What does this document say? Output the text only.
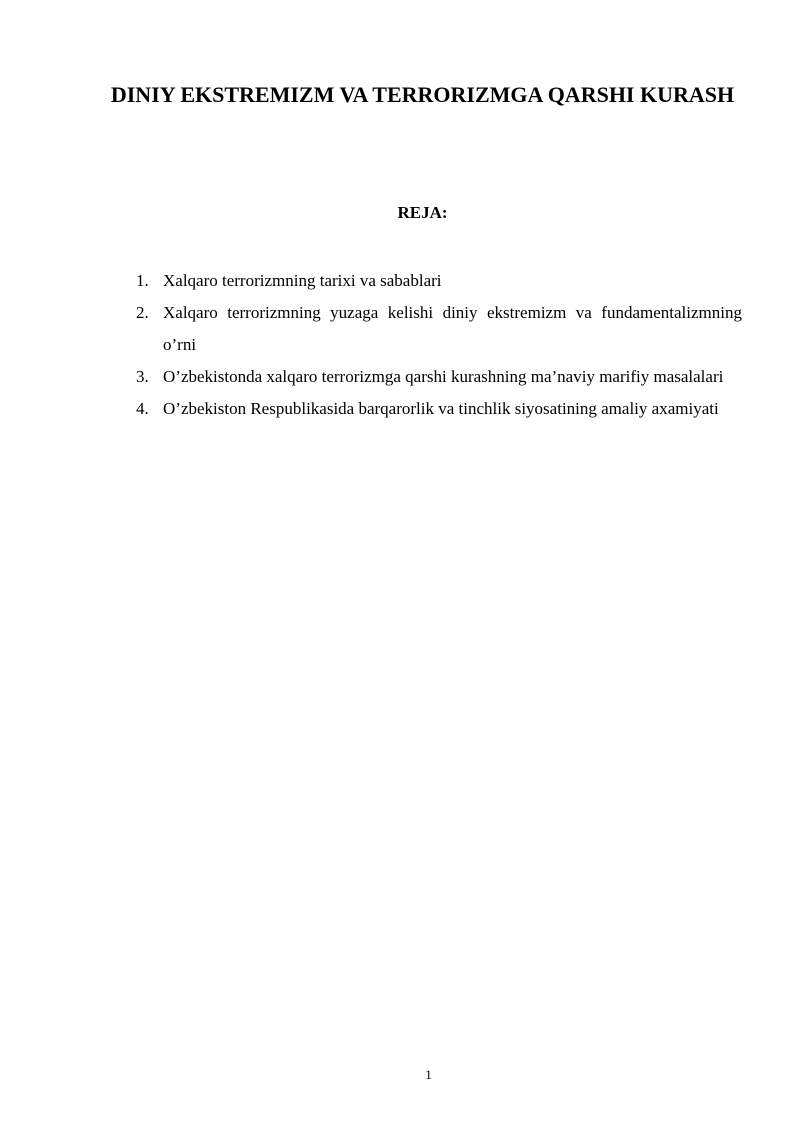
DINIY EKSTREMIZM VA TERRORIZMGA QARSHI KURASH

REJA:

1. Xalqaro terrorizmning tarixi va sabablari
2. Xalqaro terrorizmning yuzaga kelishi diniy ekstremizm va fundamentalizmning o’rni
3. O’zbekistonda xalqaro terrorizmga qarshi kurashning ma’naviy marifiy masalalari
4. O’zbekiston Respublikasida barqarorlik va tinchlik siyosatining amaliy axamiyati

1
